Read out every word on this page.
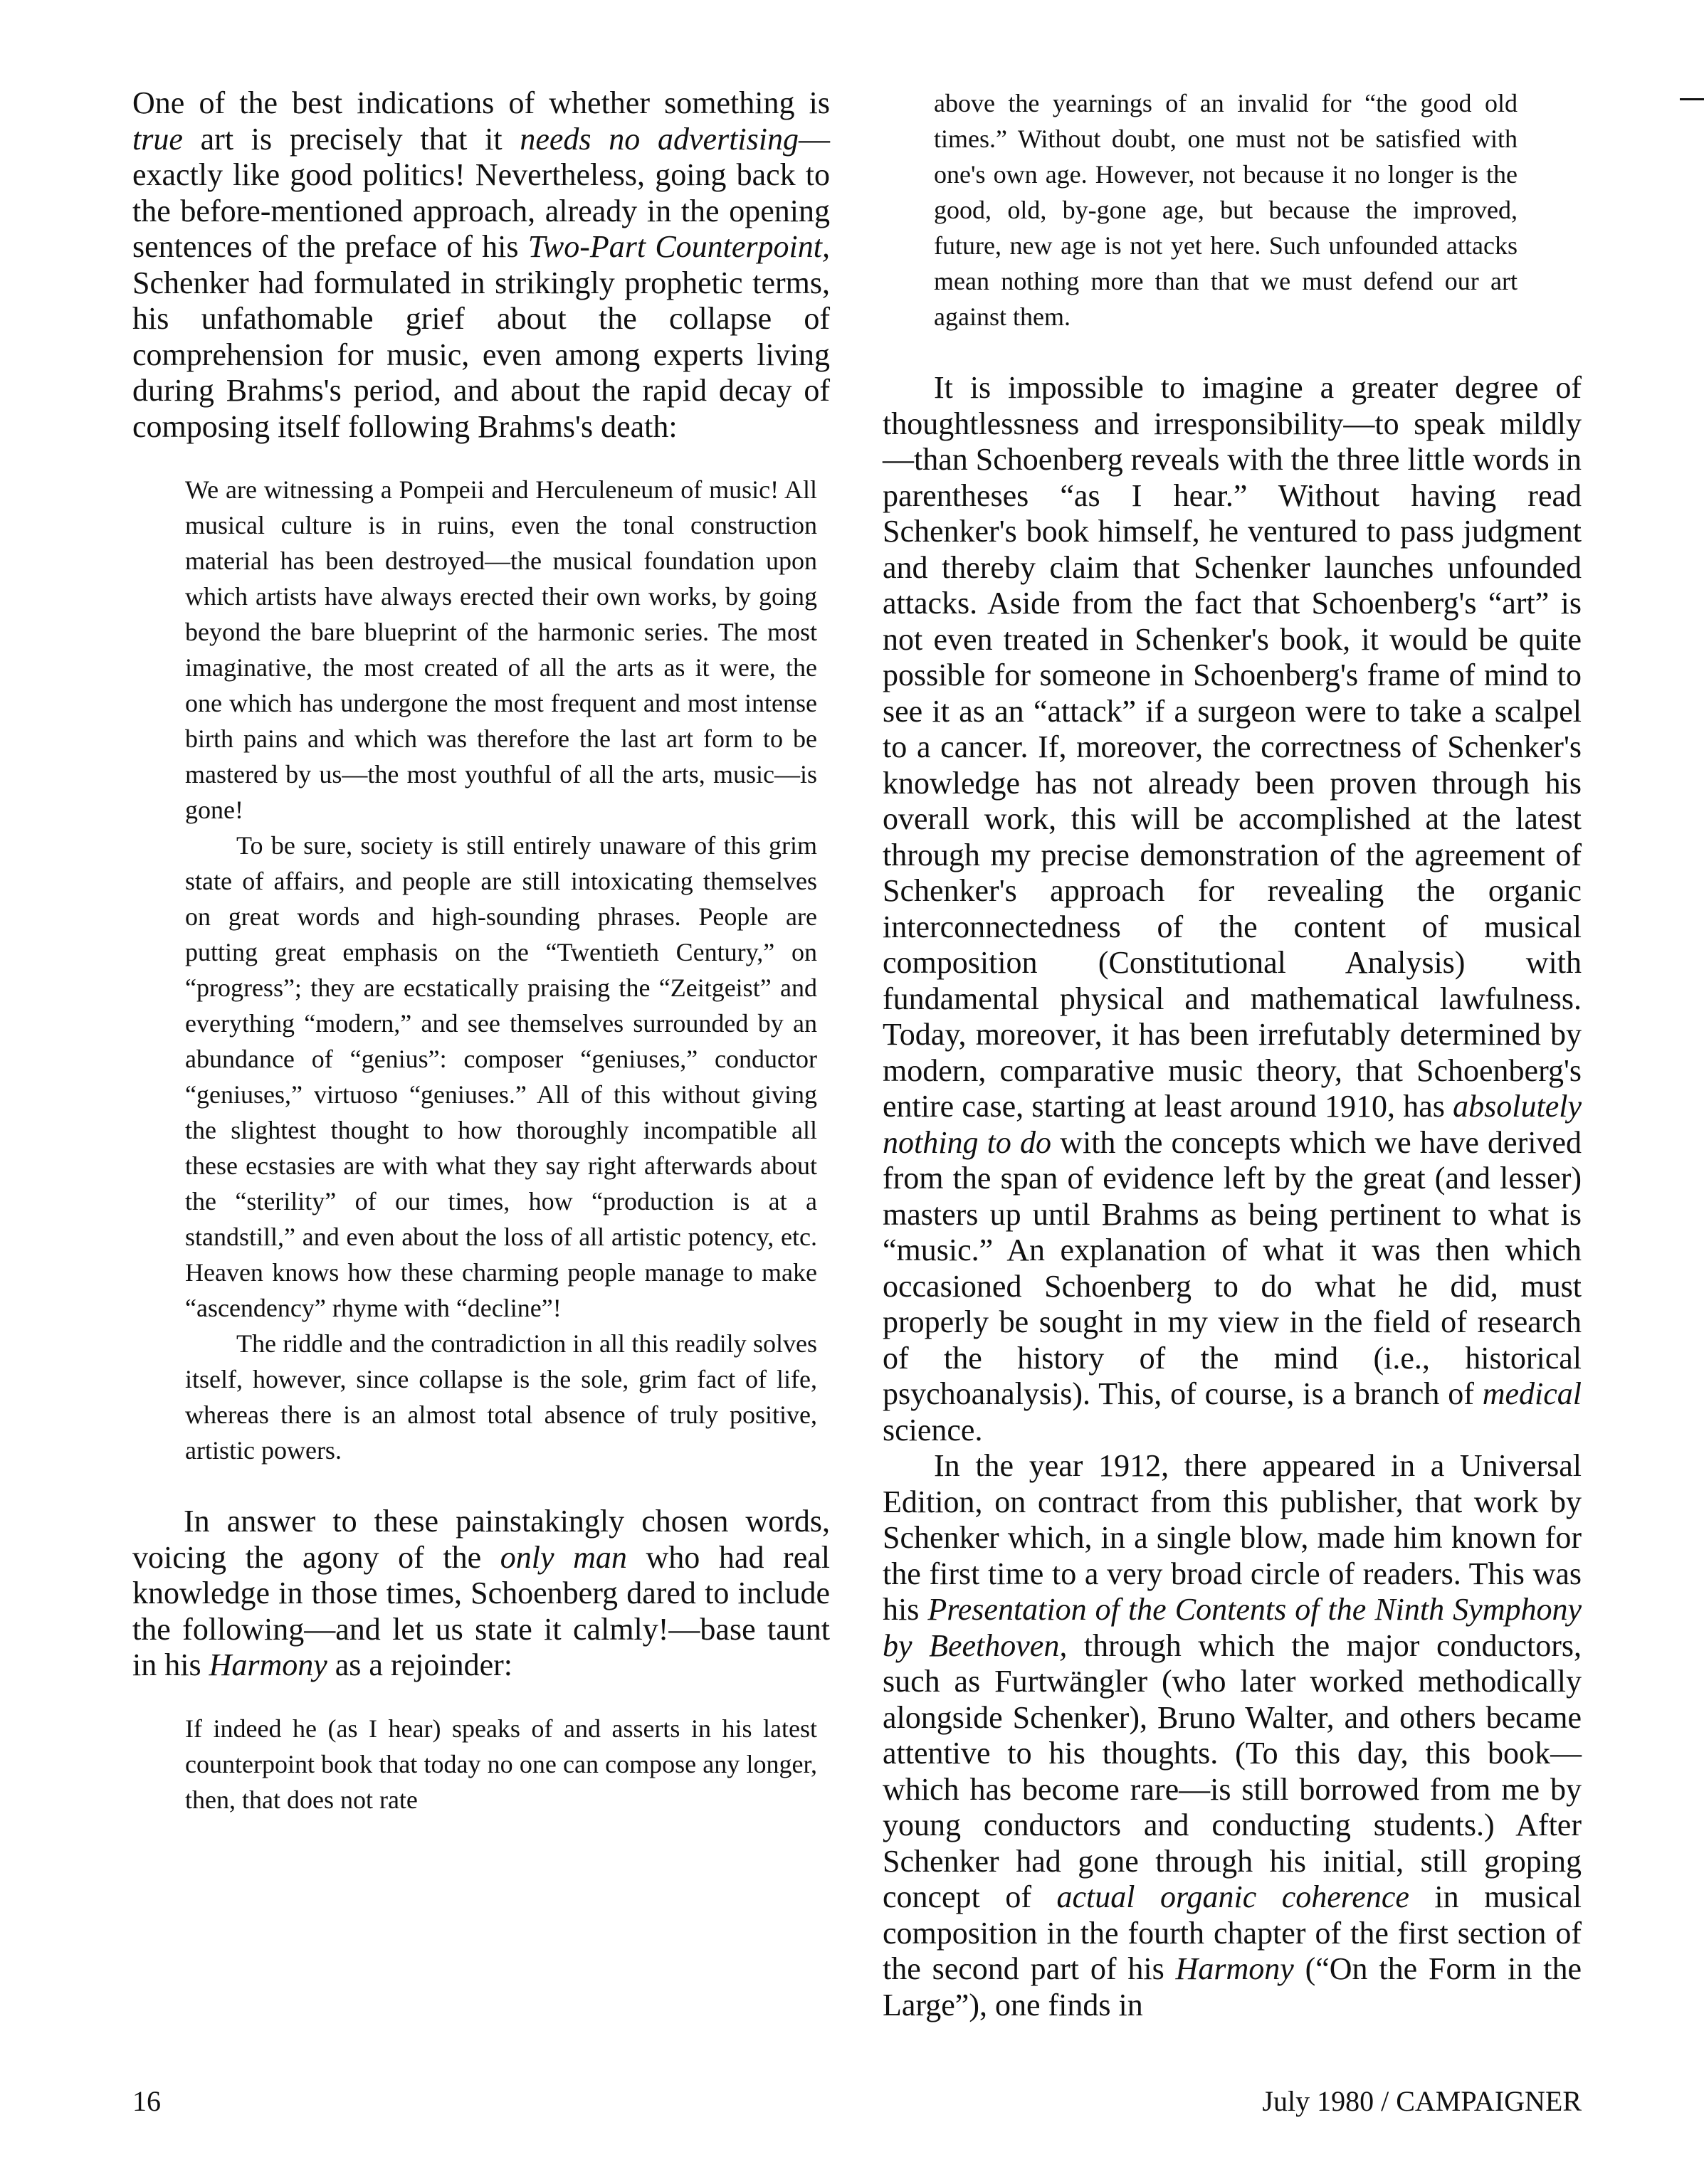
One of the best indications of whether something is true art is precisely that it needs no advertising—exactly like good politics! Nevertheless, going back to the before-mentioned approach, already in the opening sentences of the preface of his Two-Part Counterpoint, Schenker had formulated in strikingly prophetic terms, his unfathomable grief about the collapse of comprehension for music, even among experts living during Brahms's period, and about the rapid decay of composing itself following Brahms's death:

We are witnessing a Pompeii and Herculeneum of music! All musical culture is in ruins, even the tonal construction material has been destroyed—the musical foundation upon which artists have always erected their own works, by going beyond the bare blueprint of the harmonic series. The most imaginative, the most created of all the arts as it were, the one which has undergone the most frequent and most intense birth pains and which was therefore the last art form to be mastered by us—the most youthful of all the arts, music—is gone!

To be sure, society is still entirely unaware of this grim state of affairs, and people are still intoxicating themselves on great words and high-sounding phrases. People are putting great emphasis on the “Twentieth Century,” on “progress”; they are ecstatically praising the “Zeitgeist” and everything “modern,” and see themselves surrounded by an abundance of “genius”: composer “geniuses,” conductor “geniuses,” virtuoso “geniuses.” All of this without giving the slightest thought to how thoroughly incompatible all these ecstasies are with what they say right afterwards about the “sterility” of our times, how “production is at a standstill,” and even about the loss of all artistic potency, etc. Heaven knows how these charming people manage to make “ascendency” rhyme with “decline”!

The riddle and the contradiction in all this readily solves itself, however, since collapse is the sole, grim fact of life, whereas there is an almost total absence of truly positive, artistic powers.

In answer to these painstakingly chosen words, voicing the agony of the only man who had real knowledge in those times, Schoenberg dared to include the following—and let us state it calmly!—base taunt in his Harmony as a rejoinder:

If indeed he (as I hear) speaks of and asserts in his latest counterpoint book that today no one can compose any longer, then, that does not rate

above the yearnings of an invalid for “the good old times.” Without doubt, one must not be satisfied with one's own age. However, not because it no longer is the good, old, by-gone age, but because the improved, future, new age is not yet here. Such unfounded attacks mean nothing more than that we must defend our art against them.

It is impossible to imagine a greater degree of thoughtlessness and irresponsibility—to speak mildly—than Schoenberg reveals with the three little words in parentheses “as I hear.” Without having read Schenker's book himself, he ventured to pass judgment and thereby claim that Schenker launches unfounded attacks. Aside from the fact that Schoenberg's “art” is not even treated in Schenker's book, it would be quite possible for someone in Schoenberg's frame of mind to see it as an “attack” if a surgeon were to take a scalpel to a cancer. If, moreover, the correctness of Schenker's knowledge has not already been proven through his overall work, this will be accomplished at the latest through my precise demonstration of the agreement of Schenker's approach for revealing the organic interconnectedness of the content of musical composition (Constitutional Analysis) with fundamental physical and mathematical lawfulness. Today, moreover, it has been irrefutably determined by modern, comparative music theory, that Schoenberg's entire case, starting at least around 1910, has absolutely nothing to do with the concepts which we have derived from the span of evidence left by the great (and lesser) masters up until Brahms as being pertinent to what is “music.” An explanation of what it was then which occasioned Schoenberg to do what he did, must properly be sought in my view in the field of research of the history of the mind (i.e., historical psychoanalysis). This, of course, is a branch of medical science.

In the year 1912, there appeared in a Universal Edition, on contract from this publisher, that work by Schenker which, in a single blow, made him known for the first time to a very broad circle of readers. This was his Presentation of the Contents of the Ninth Symphony by Beethoven, through which the major conductors, such as Furtwängler (who later worked methodically alongside Schenker), Bruno Walter, and others became attentive to his thoughts. (To this day, this book—which has become rare—is still borrowed from me by young conductors and conducting students.) After Schenker had gone through his initial, still groping concept of actual organic coherence in musical composition in the fourth chapter of the first section of the second part of his Harmony (“On the Form in the Large”), one finds in

16	July 1980 / CAMPAIGNER
